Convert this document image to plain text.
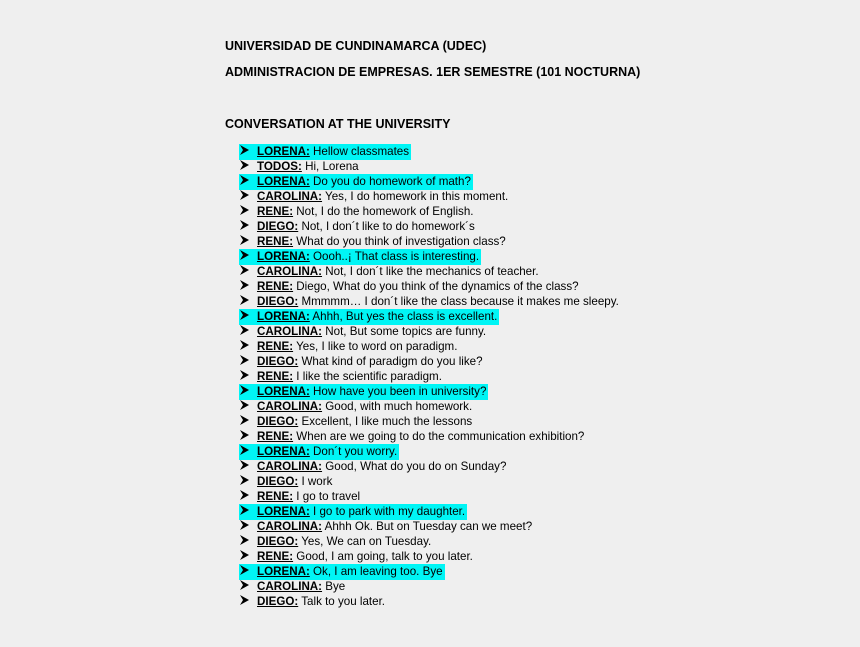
UNIVERSIDAD DE CUNDINAMARCA (UDEC)

ADMINISTRACION DE EMPRESAS. 1ER SEMESTRE (101 NOCTURNA)

CONVERSATION AT THE UNIVERSITY

LORENA: Hellow classmates
TODOS: Hi, Lorena
LORENA: Do you do homework of math?
CAROLINA: Yes, I do homework in this moment.
RENE: Not, I do the homework of English.
DIEGO: Not, I don´t like to do homework´s
RENE: What do you think of investigation class?
LORENA: Oooh..¡ That class is interesting.
CAROLINA: Not, I don´t like the mechanics of teacher.
RENE: Diego, What do you think of the dynamics of the class?
DIEGO: Mmmmm… I don´t like the class because it makes me sleepy.
LORENA: Ahhh, But yes the class is excellent.
CAROLINA: Not, But some topics are funny.
RENE: Yes, I like to word on paradigm.
DIEGO: What kind of paradigm do you like?
RENE: I like the scientific paradigm.
LORENA: How have you been in university?
CAROLINA: Good, with much homework.
DIEGO: Excellent, I like much the lessons
RENE: When are we going to do the communication exhibition?
LORENA: Don´t you worry.
CAROLINA: Good, What do you do on Sunday?
DIEGO: I work
RENE: I go to travel
LORENA: I go to park with my daughter.
CAROLINA: Ahhh Ok. But on Tuesday can we meet?
DIEGO: Yes, We can on Tuesday.
RENE: Good, I am going, talk to you later.
LORENA: Ok, I am leaving too. Bye
CAROLINA: Bye
DIEGO: Talk to you later.
